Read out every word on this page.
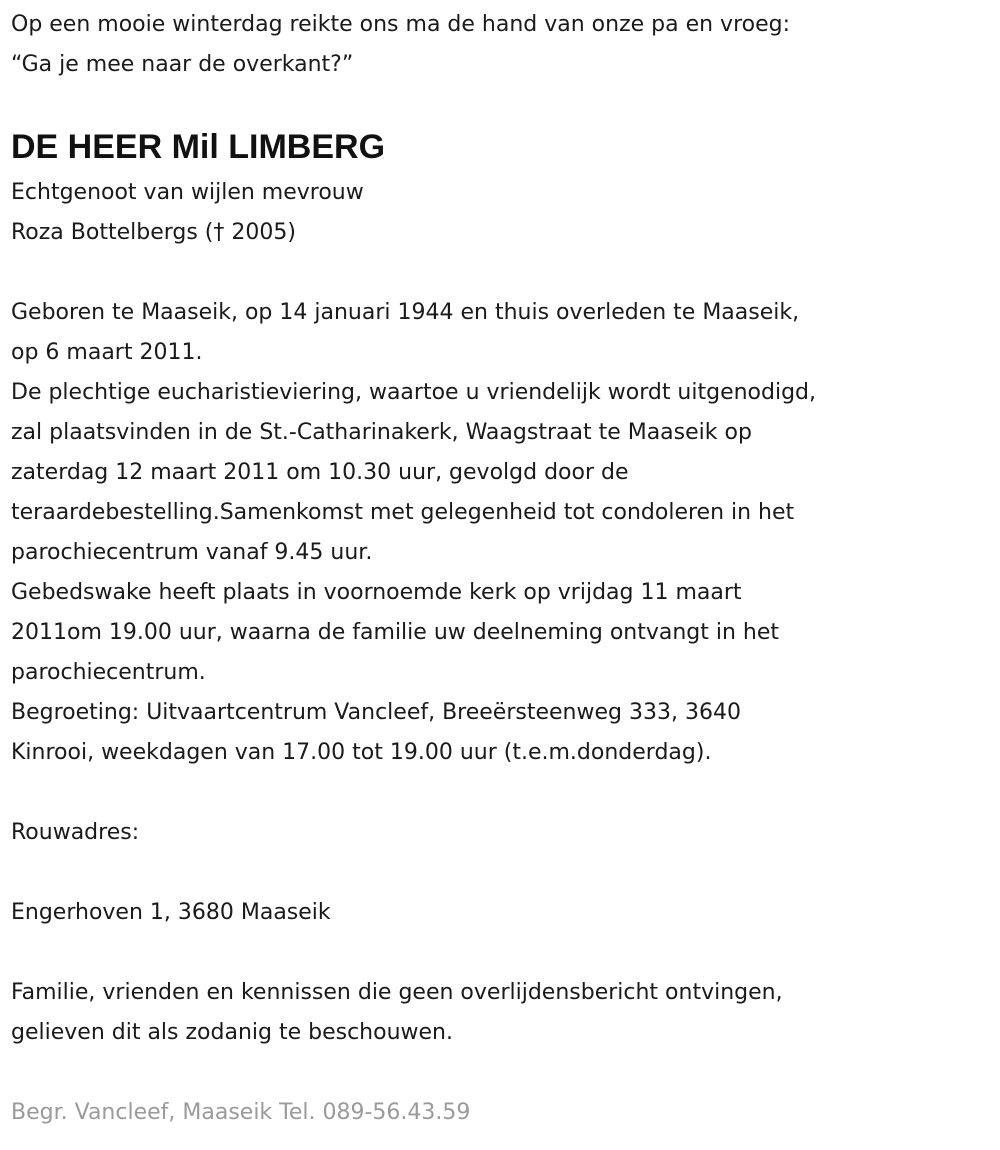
Op een mooie winterdag reikte ons ma de hand van onze pa en vroeg:
“Ga je mee naar de overkant?”
DE HEER Mil LIMBERG
Echtgenoot van wijlen mevrouw
Roza Bottelbergs († 2005)
Geboren te Maaseik, op 14 januari 1944 en thuis overleden te Maaseik,
op 6 maart 2011.
De plechtige eucharistieviering, waartoe u vriendelijk wordt uitgenodigd,
zal plaatsvinden in de St.-Catharinakerk, Waagstraat te Maaseik op
zaterdag 12 maart 2011 om 10.30 uur, gevolgd door de
teraardebestelling.Samenkomst met gelegenheid tot condoleren in het
parochiecentrum vanaf 9.45 uur.
Gebedswake heeft plaats in voornoemde kerk op vrijdag 11 maart
2011om 19.00 uur, waarna de familie uw deelneming ontvangt in het
parochiecentrum.
Begroeting: Uitvaartcentrum Vancleef, Breeërsteenweg 333, 3640
Kinrooi, weekdagen van 17.00 tot 19.00 uur (t.e.m.donderdag).
Rouwadres:
Engerhoven 1, 3680 Maaseik
Familie, vrienden en kennissen die geen overlijdensbericht ontvingen,
gelieven dit als zodanig te beschouwen.
Begr. Vancleef, Maaseik Tel. 089-56.43.59
